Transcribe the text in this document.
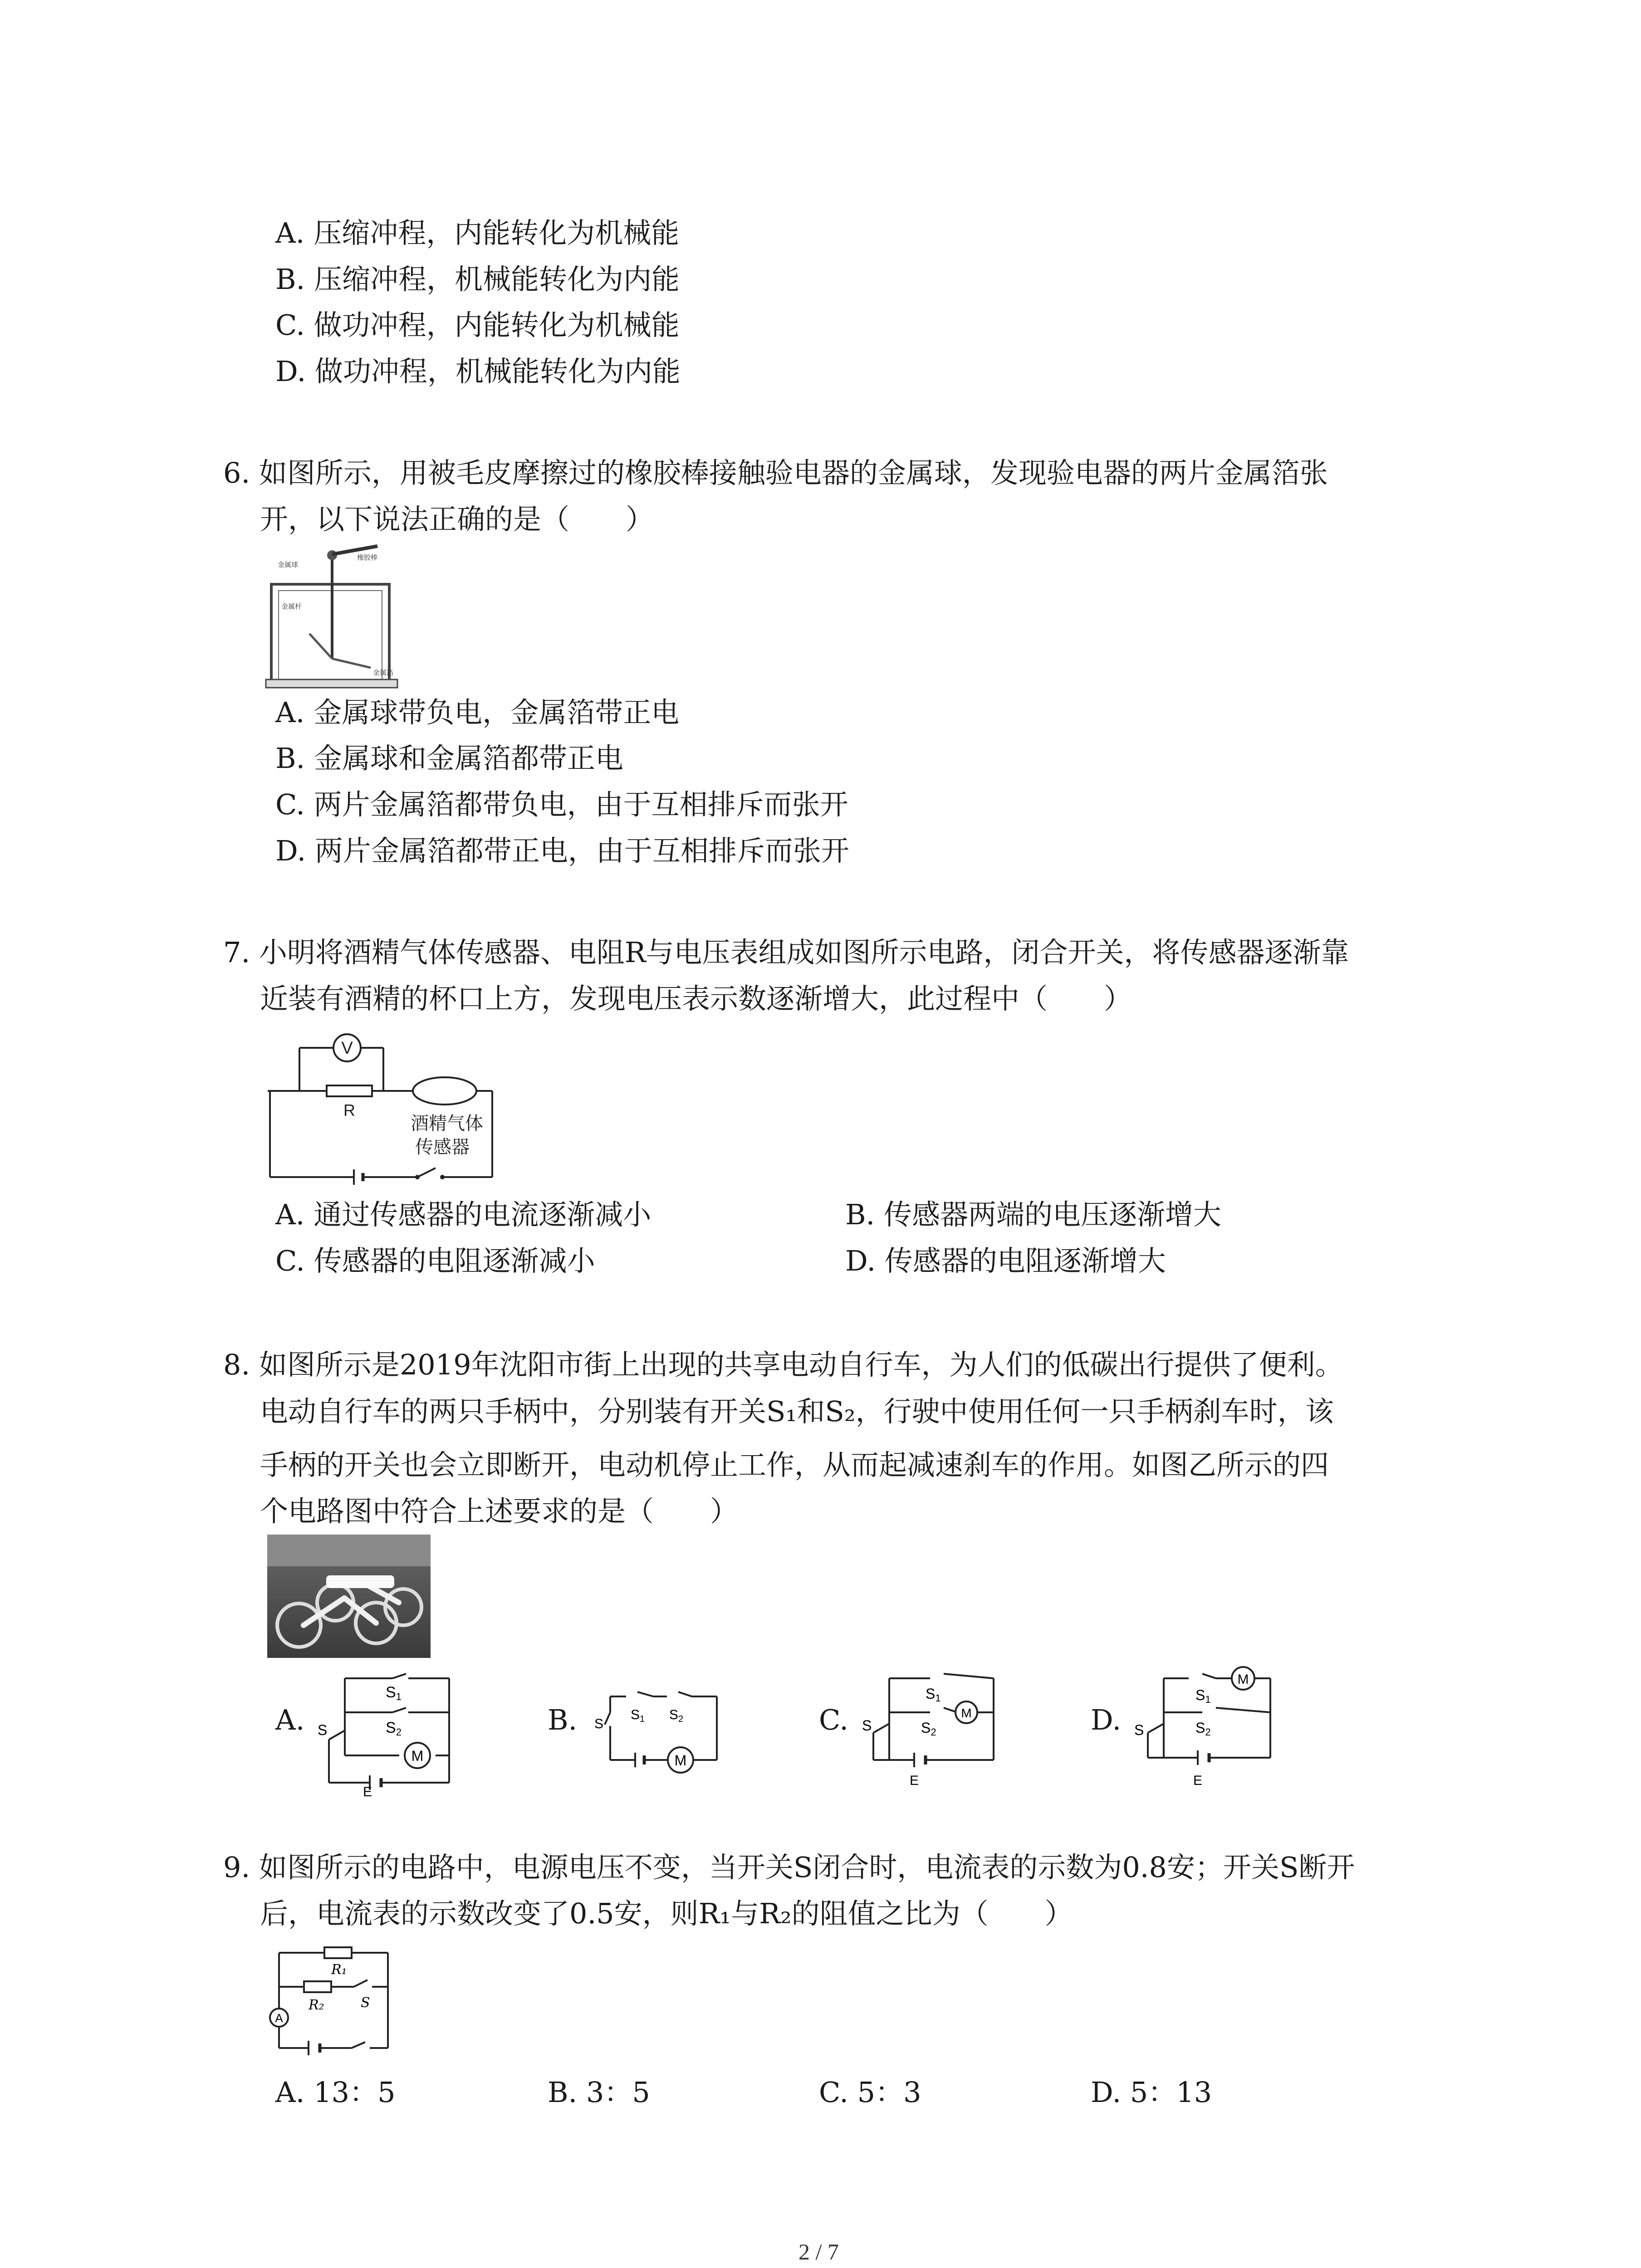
A. 压缩冲程，内能转化为机械能
B. 压缩冲程，机械能转化为内能
C. 做功冲程，内能转化为机械能
D. 做功冲程，机械能转化为内能
6. 如图所示，用被毛皮摩擦过的橡胶棒接触验电器的金属球，发现验电器的两片金属箔张
开，以下说法正确的是（　　）
金属球
橡胶棒
金属杆
金属箔
A. 金属球带负电，金属箔带正电
B. 金属球和金属箔都带正电
C. 两片金属箔都带负电，由于互相排斥而张开
D. 两片金属箔都带正电，由于互相排斥而张开
7. 小明将酒精气体传感器、电阻R与电压表组成如图所示电路，闭合开关，将传感器逐渐靠
近装有酒精的杯口上方，发现电压表示数逐渐增大，此过程中（　　）
V
R
酒精气体
传感器
A. 通过传感器的电流逐渐减小	B. 传感器两端的电压逐渐增大
C. 传感器的电阻逐渐减小	D. 传感器的电阻逐渐增大
8. 如图所示是2019年沈阳市街上出现的共享电动自行车，为人们的低碳出行提供了便利。
电动自行车的两只手柄中，分别装有开关S₁和S₂，行驶中使用任何一只手柄刹车时，该
手柄的开关也会立即断开，电动机停止工作，从而起减速刹车的作用。如图乙所示的四
个电路图中符合上述要求的是（　　）
A.	B.	C.	D.
M
S1
S2
S
E
M
$S_1$ $S_2$
S
M
S1
S2
S
E
M
S1
S2
S
E
9. 如图所示的电路中，电源电压不变，当开关S闭合时，电流表的示数为0.8安；开关S断开
后，电流表的示数改变了0.5安，则R₁与R₂的阻值之比为（　　）
A
R₁
R₂	S
A. 13：5	B. 3：5	C. 5：3	D. 5：13
2 / 7
